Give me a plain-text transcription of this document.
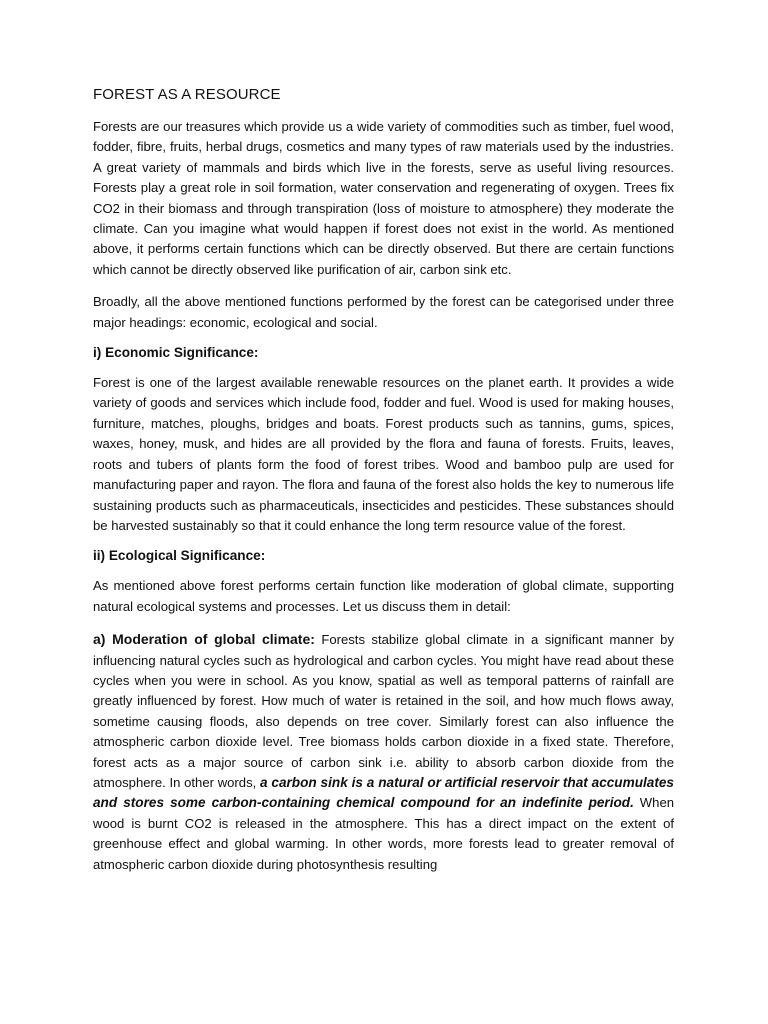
FOREST AS A RESOURCE

Forests are our treasures which provide us a wide variety of commodities such as timber, fuel wood, fodder, fibre, fruits, herbal drugs, cosmetics and many types of raw materials used by the industries. A great variety of mammals and birds which live in the forests, serve as useful living resources. Forests play a great role in soil formation, water conservation and regenerating of oxygen. Trees fix CO2 in their biomass and through transpiration (loss of moisture to atmosphere) they moderate the climate. Can you imagine what would happen if forest does not exist in the world. As mentioned above, it performs certain functions which can be directly observed. But there are certain functions which cannot be directly observed like purification of air, carbon sink etc.

Broadly, all the above mentioned functions performed by the forest can be categorised under three major headings: economic, ecological and social.

i) Economic Significance:

Forest is one of the largest available renewable resources on the planet earth. It provides a wide variety of goods and services which include food, fodder and fuel. Wood is used for making houses, furniture, matches, ploughs, bridges and boats. Forest products such as tannins, gums, spices, waxes, honey, musk, and hides are all provided by the flora and fauna of forests. Fruits, leaves, roots and tubers of plants form the food of forest tribes. Wood and bamboo pulp are used for manufacturing paper and rayon. The flora and fauna of the forest also holds the key to numerous life sustaining products such as pharmaceuticals, insecticides and pesticides. These substances should be harvested sustainably so that it could enhance the long term resource value of the forest.

ii) Ecological Significance:

As mentioned above forest performs certain function like moderation of global climate, supporting natural ecological systems and processes. Let us discuss them in detail:

a) Moderation of global climate: Forests stabilize global climate in a significant manner by influencing natural cycles such as hydrological and carbon cycles. You might have read about these cycles when you were in school. As you know, spatial as well as temporal patterns of rainfall are greatly influenced by forest. How much of water is retained in the soil, and how much flows away, sometime causing floods, also depends on tree cover. Similarly forest can also influence the atmospheric carbon dioxide level. Tree biomass holds carbon dioxide in a fixed state. Therefore, forest acts as a major source of carbon sink i.e. ability to absorb carbon dioxide from the atmosphere. In other words, a carbon sink is a natural or artificial reservoir that accumulates and stores some carbon-containing chemical compound for an indefinite period. When wood is burnt CO2 is released in the atmosphere. This has a direct impact on the extent of greenhouse effect and global warming. In other words, more forests lead to greater removal of atmospheric carbon dioxide during photosynthesis resulting
